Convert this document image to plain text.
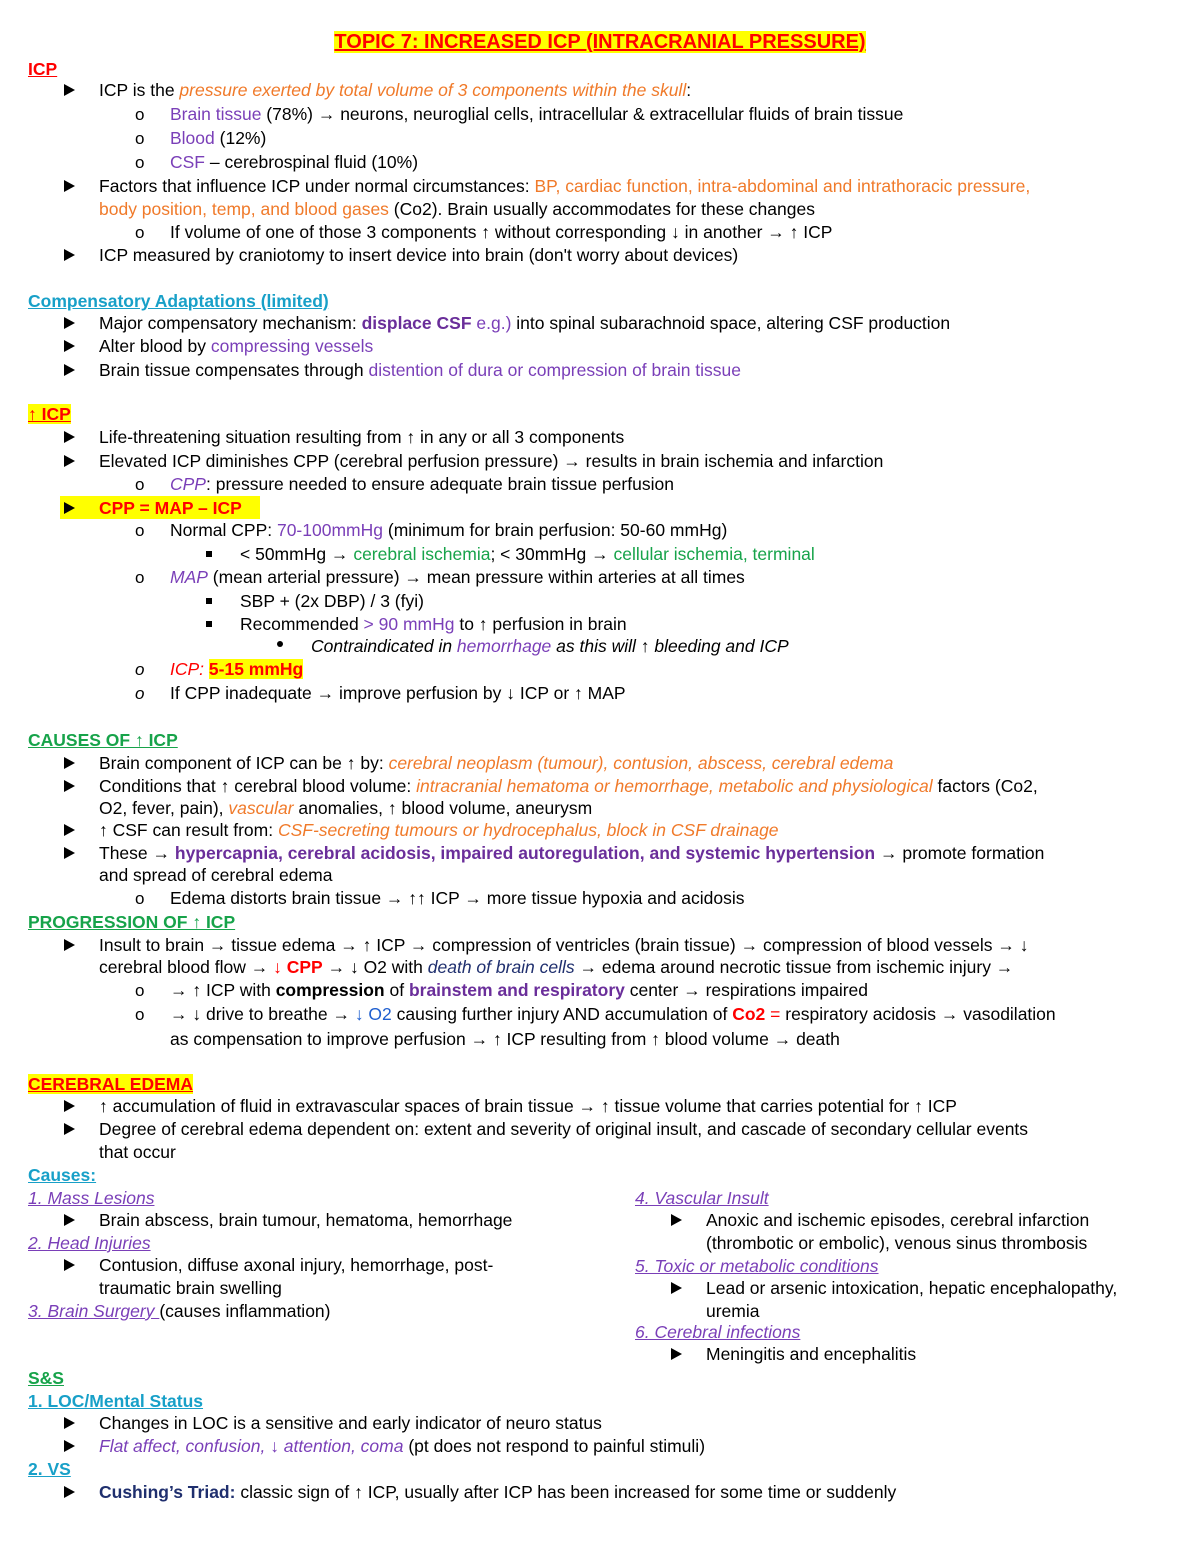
TOPIC 7: INCREASED ICP (INTRACRANIAL PRESSURE)
ICP
ICP is the pressure exerted by total volume of 3 components within the skull:
o Brain tissue (78%) → neurons, neuroglial cells, intracellular & extracellular fluids of brain tissue
o Blood (12%)
o CSF – cerebrospinal fluid (10%)
Factors that influence ICP under normal circumstances: BP, cardiac function, intra-abdominal and intrathoracic pressure,
body position, temp, and blood gases (Co2). Brain usually accommodates for these changes
o If volume of one of those 3 components ↑ without corresponding ↓ in another → ↑ ICP
ICP measured by craniotomy to insert device into brain (don't worry about devices)
Compensatory Adaptations (limited)
Major compensatory mechanism: displace CSF e.g.) into spinal subarachnoid space, altering CSF production
Alter blood by compressing vessels
Brain tissue compensates through distention of dura or compression of brain tissue
↑ ICP
Life-threatening situation resulting from ↑ in any or all 3 components
Elevated ICP diminishes CPP (cerebral perfusion pressure) → results in brain ischemia and infarction
o CPP: pressure needed to ensure adequate brain tissue perfusion
CPP = MAP – ICP
o Normal CPP: 70-100mmHg (minimum for brain perfusion: 50-60 mmHg)
< 50mmHg → cerebral ischemia; < 30mmHg → cellular ischemia, terminal
o MAP (mean arterial pressure) → mean pressure within arteries at all times
SBP + (2x DBP) / 3 (fyi)
Recommended > 90 mmHg to ↑ perfusion in brain
Contraindicated in hemorrhage as this will ↑ bleeding and ICP
o ICP: 5-15 mmHg
o If CPP inadequate → improve perfusion by ↓ ICP or ↑ MAP
CAUSES OF ↑ ICP
Brain component of ICP can be ↑ by: cerebral neoplasm (tumour), contusion, abscess, cerebral edema
Conditions that ↑ cerebral blood volume: intracranial hematoma or hemorrhage, metabolic and physiological factors (Co2,
O2, fever, pain), vascular anomalies, ↑ blood volume, aneurysm
↑ CSF can result from: CSF-secreting tumours or hydrocephalus, block in CSF drainage
These → hypercapnia, cerebral acidosis, impaired autoregulation, and systemic hypertension → promote formation
and spread of cerebral edema
o Edema distorts brain tissue → ↑↑ ICP → more tissue hypoxia and acidosis
PROGRESSION OF ↑ ICP
Insult to brain → tissue edema → ↑ ICP → compression of ventricles (brain tissue) → compression of blood vessels → ↓
cerebral blood flow → ↓ CPP → ↓ O2 with death of brain cells → edema around necrotic tissue from ischemic injury →
o → ↑ ICP with compression of brainstem and respiratory center → respirations impaired
o → ↓ drive to breathe → ↓ O2 causing further injury AND accumulation of Co2 = respiratory acidosis → vasodilation
as compensation to improve perfusion → ↑ ICP resulting from ↑ blood volume → death
CEREBRAL EDEMA
↑ accumulation of fluid in extravascular spaces of brain tissue → ↑ tissue volume that carries potential for ↑ ICP
Degree of cerebral edema dependent on: extent and severity of original insult, and cascade of secondary cellular events
that occur
Causes:
1. Mass Lesions
Brain abscess, brain tumour, hematoma, hemorrhage
2. Head Injuries
Contusion, diffuse axonal injury, hemorrhage, post-
traumatic brain swelling
3. Brain Surgery (causes inflammation)
4. Vascular Insult
Anoxic and ischemic episodes, cerebral infarction
(thrombotic or embolic), venous sinus thrombosis
5. Toxic or metabolic conditions
Lead or arsenic intoxication, hepatic encephalopathy,
uremia
6. Cerebral infections
Meningitis and encephalitis
S&S
1. LOC/Mental Status
Changes in LOC is a sensitive and early indicator of neuro status
Flat affect, confusion, ↓ attention, coma (pt does not respond to painful stimuli)
2. VS
Cushing’s Triad: classic sign of ↑ ICP, usually after ICP has been increased for some time or suddenly
